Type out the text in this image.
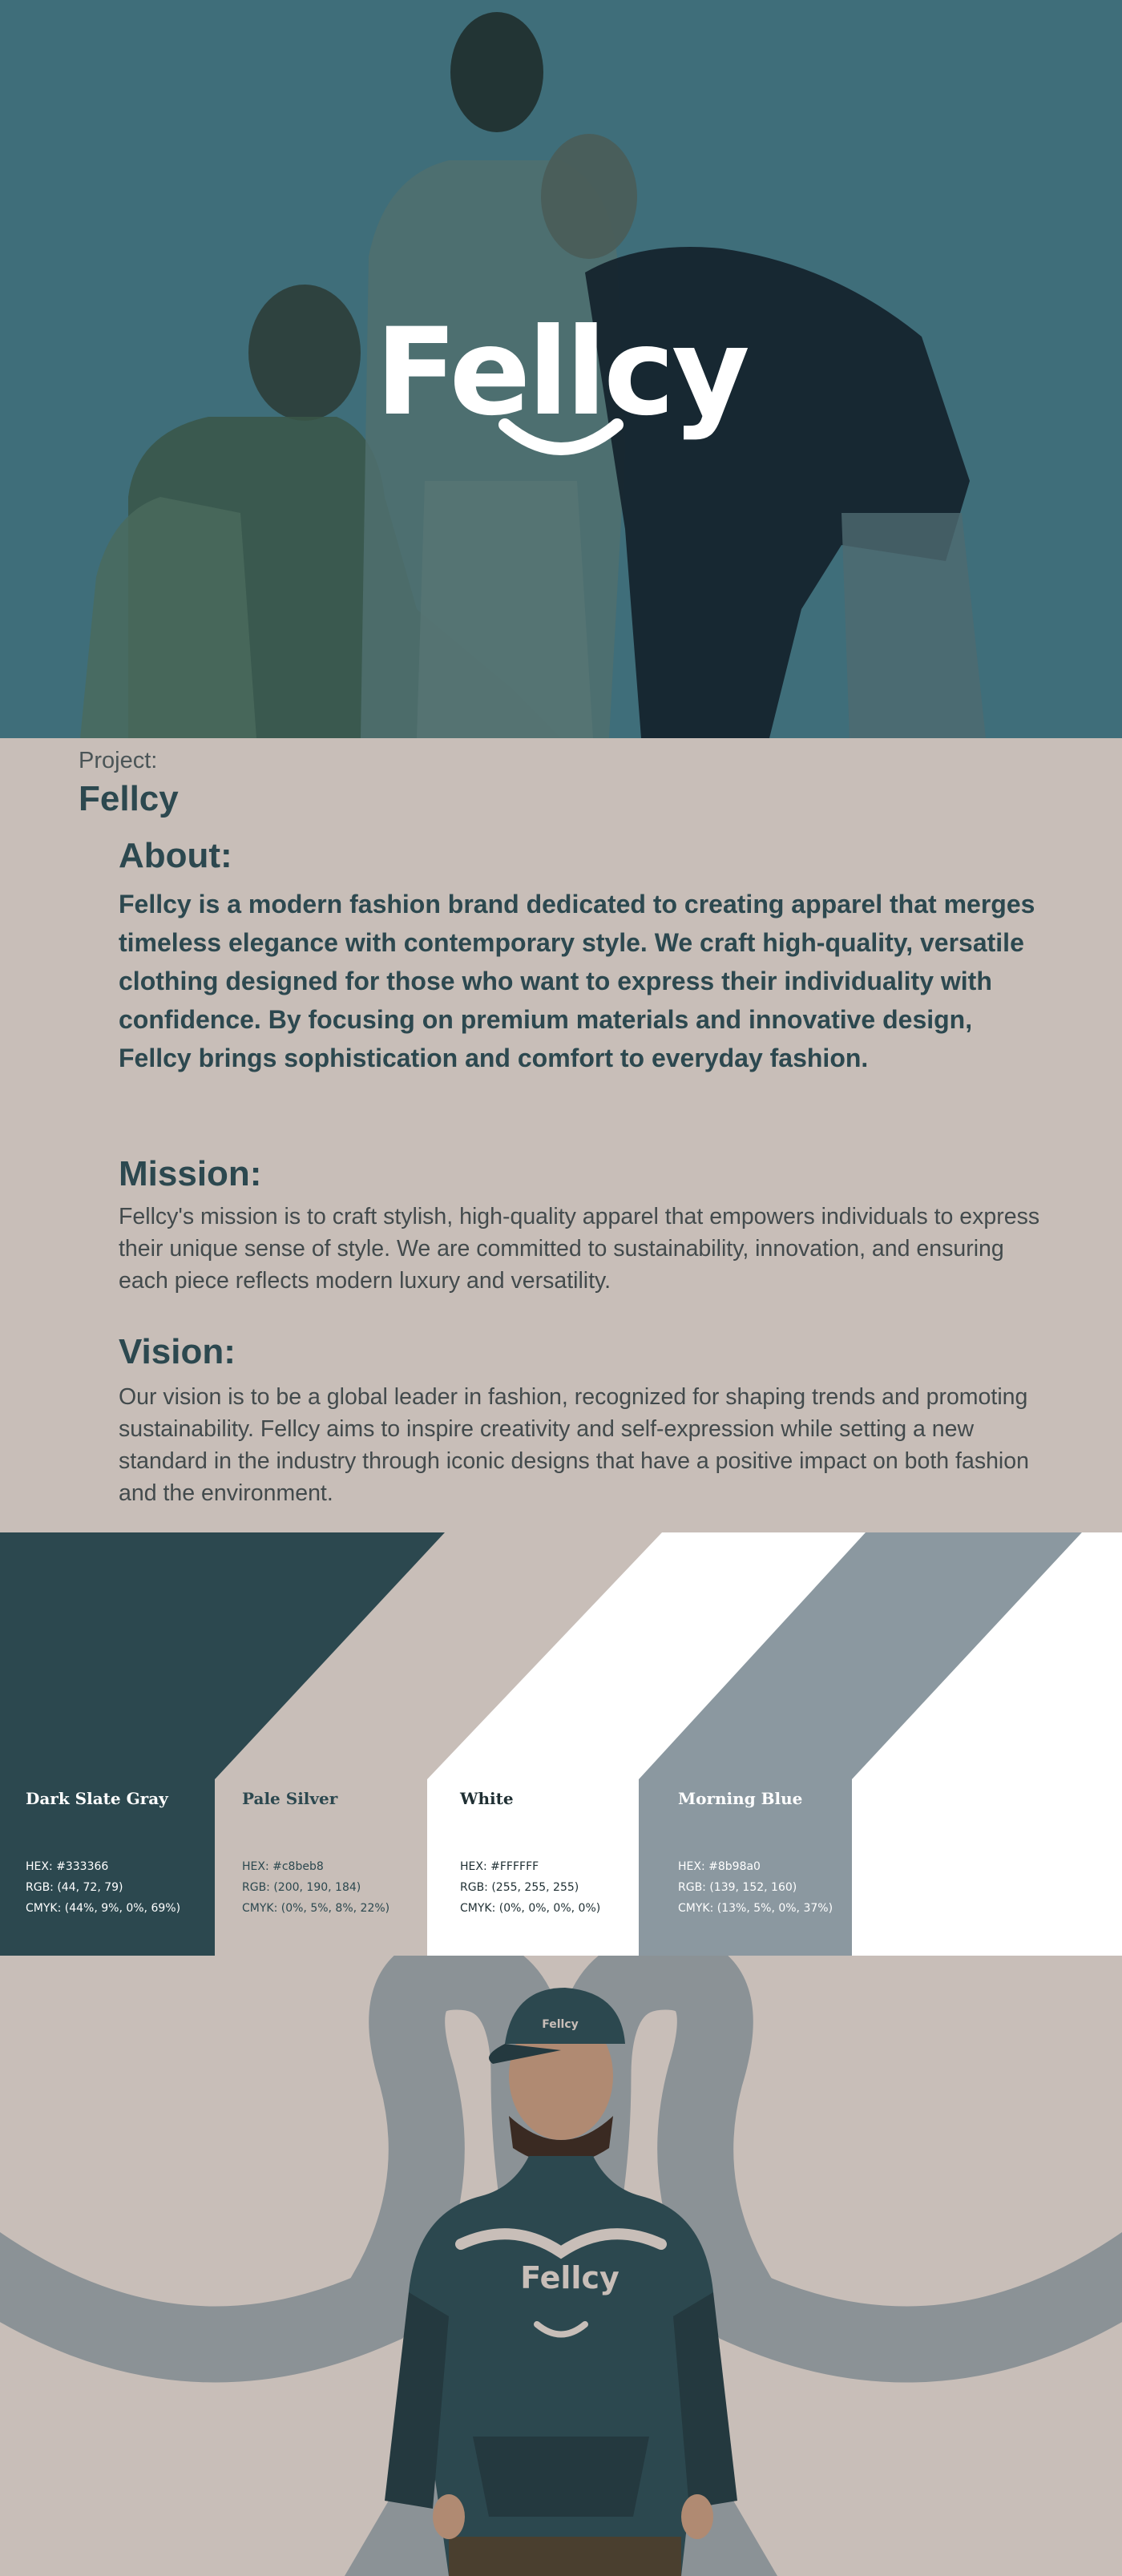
Fellcy
Project:
Fellcy
About:

Fellcy is a modern fashion brand dedicated to creating apparel that merges timeless elegance with contemporary style. We craft high-quality, versatile clothing designed for those who want to express their individuality with confidence. By focusing on premium materials and innovative design, Fellcy brings sophistication and comfort to everyday fashion.

Mission:

Fellcy's mission is to craft stylish, high-quality apparel that empowers individuals to express their unique sense of style. We are committed to sustainability, innovation, and ensuring each piece reflects modern luxury and versatility.

Vision:

Our vision is to be a global leader in fashion, recognized for shaping trends and promoting sustainability. Fellcy aims to inspire creativity and self-expression while setting a new standard in the industry through iconic designs that have a positive impact on both fashion and the environment.

Dark Slate Gray
HEX: #333366
RGB: (44, 72, 79)
CMYK: (44%, 9%, 0%, 69%)
Pale Silver
HEX: #c8beb8
RGB: (200, 190, 184)
CMYK: (0%, 5%, 8%, 22%)
White
HEX: #FFFFFF
RGB: (255, 255, 255)
CMYK: (0%, 0%, 0%, 0%)
Morning Blue
HEX: #8b98a0
RGB: (139, 152, 160)
CMYK: (13%, 5%, 0%, 37%)
Fellcy
Fellcy
